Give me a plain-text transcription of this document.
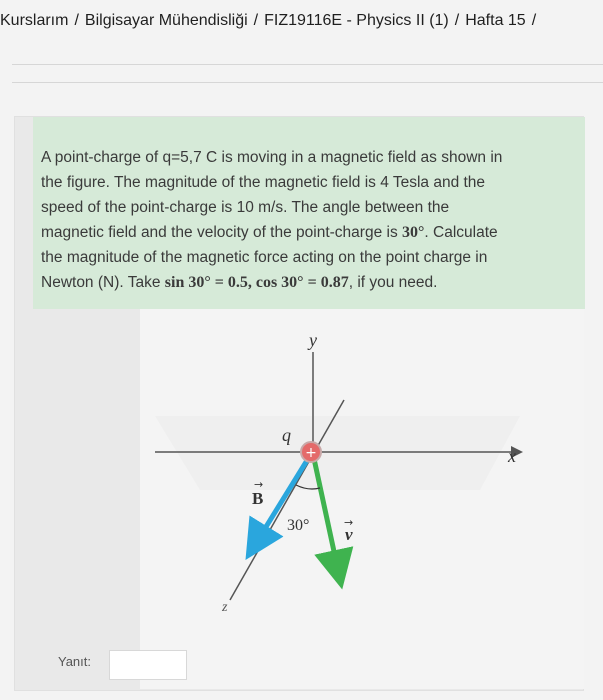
Kurslarım / Bilgisayar Mühendisliği / FIZ19116E - Physics II (1) / Hafta 15 /
A point-charge of q=5,7 C is moving in a magnetic field as shown in
the figure. The magnitude of the magnetic field is 4 Tesla and the
speed of the point-charge is 10 m/s. The angle between the
magnetic field and the velocity of the point-charge is 30°. Calculate
the magnitude of the magnetic force acting on the point charge in
Newton (N). Take sin 30° = 0.5, cos 30° = 0.87, if you need.
+
y
x
z
q
B
→
v
→
30°
Yanıt:
